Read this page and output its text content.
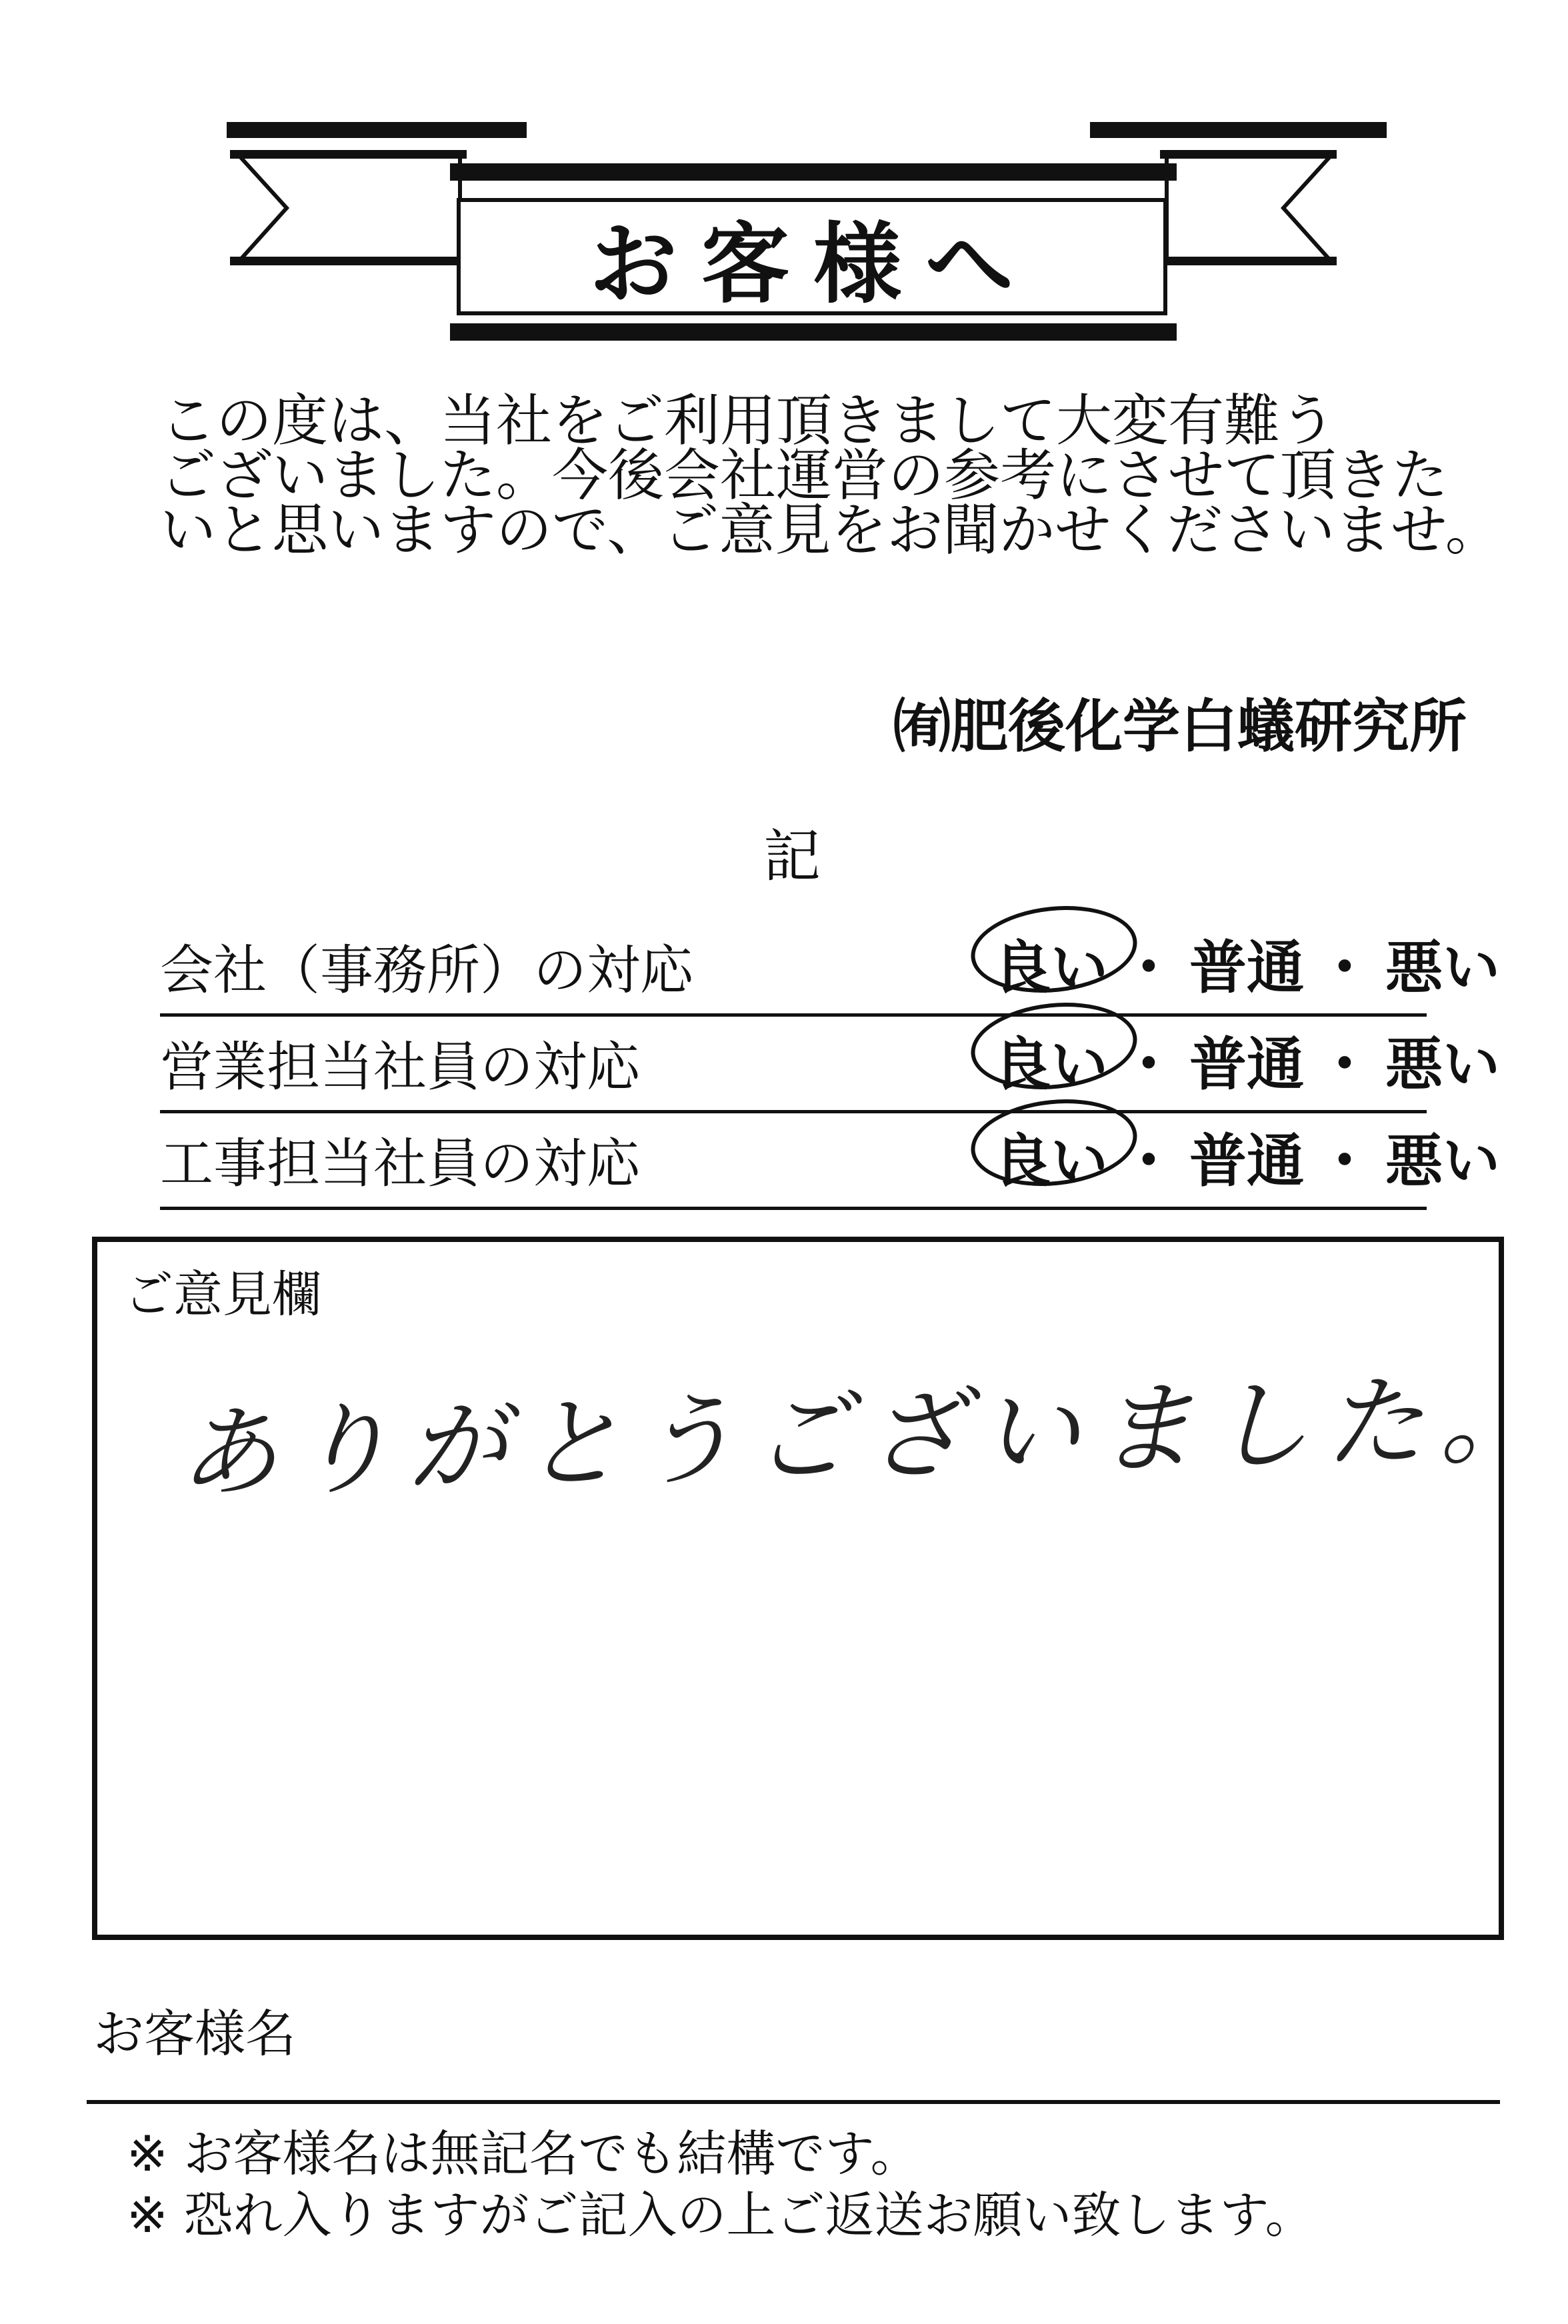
お客様へ
この度は、当社をご利用頂きまして大変有難う
ございました。今後会社運営の参考にさせて頂きた
いと思いますので、ご意見をお聞かせくださいませ。
㈲肥後化学白蟻研究所
記
会社（事務所）の対応	良い ・ 普通 ・ 悪い
営業担当社員の対応	良い ・ 普通 ・ 悪い
工事担当社員の対応	良い ・ 普通 ・ 悪い
ご意見欄
ありがとうございました。
お客様名
※ お客様名は無記名でも結構です。
※ 恐れ入りますがご記入の上ご返送お願い致します。
